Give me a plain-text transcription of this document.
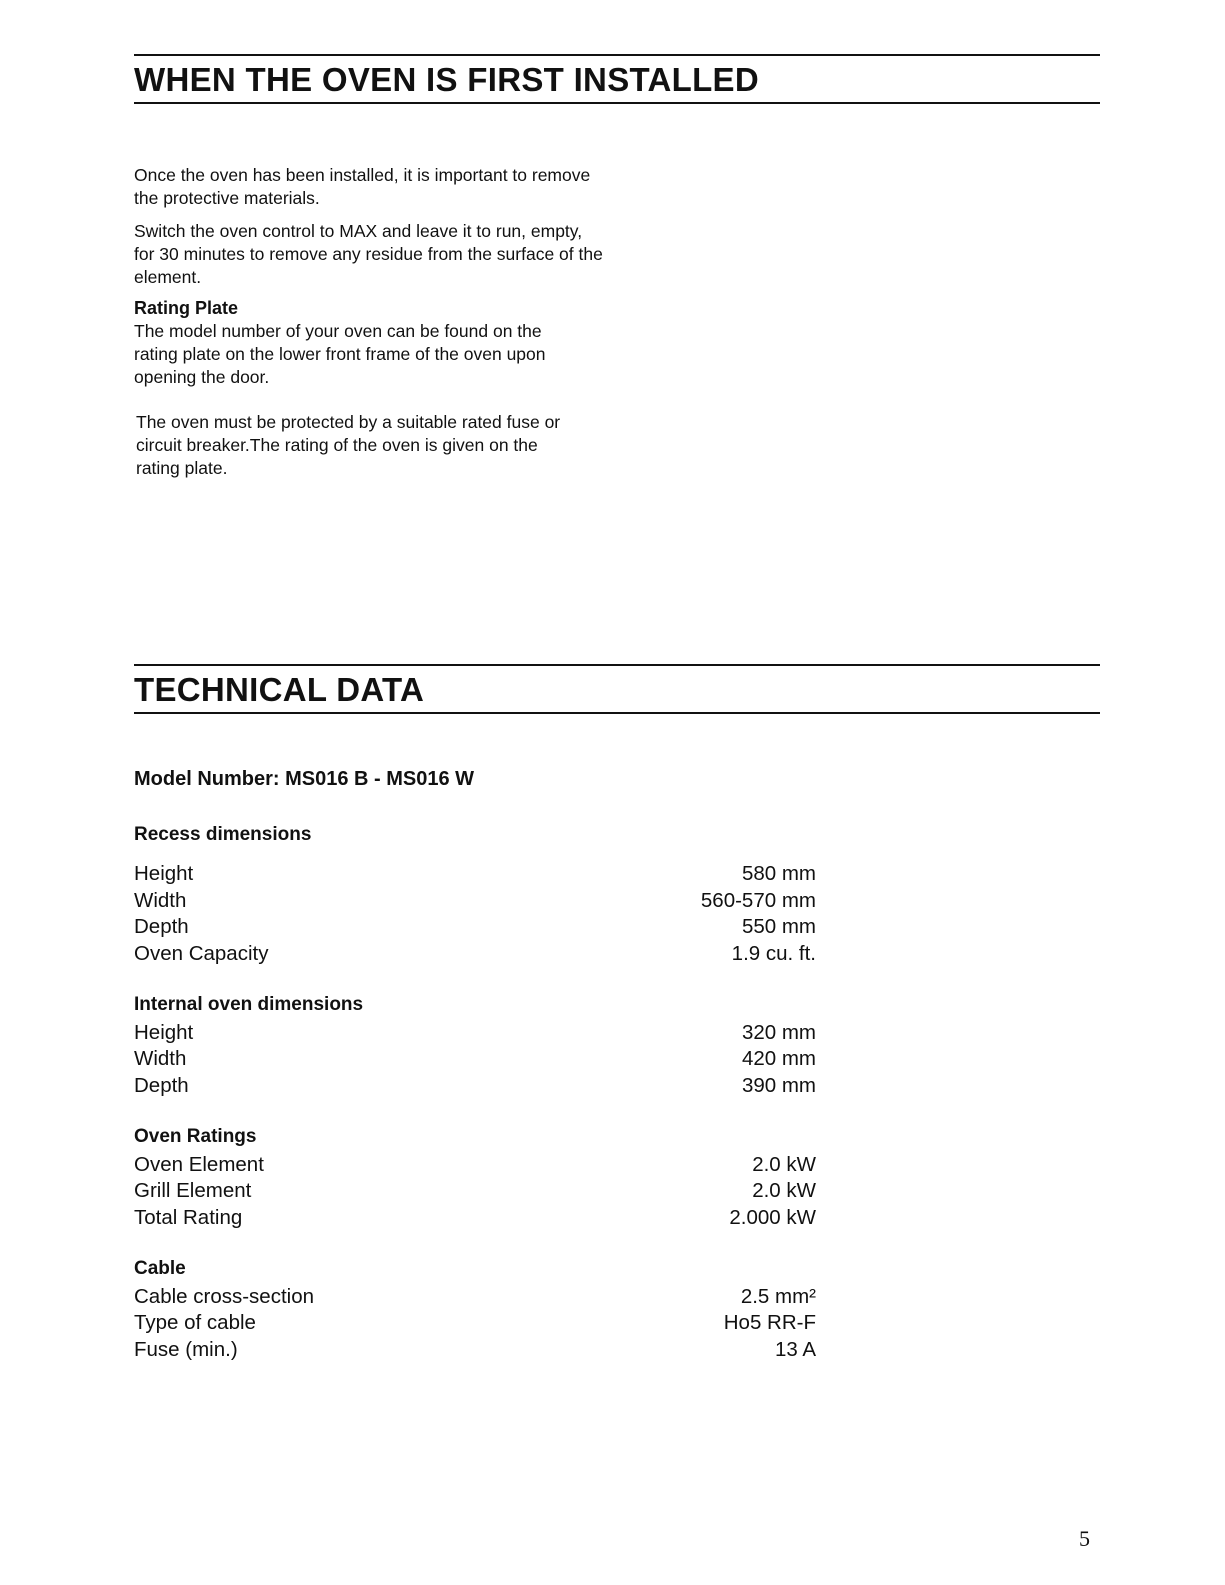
WHEN THE OVEN IS FIRST INSTALLED

Once the oven has been installed, it is important to remove the protective materials.

Switch the oven control to MAX and leave it to run, empty, for 30 minutes to remove any residue from the surface of the element.

Rating Plate

The model number of your oven can be found on the rating plate on the lower front frame of the oven upon opening the door.

The oven must be protected by a suitable rated fuse or circuit breaker.The rating of the oven is given on the rating plate.

TECHNICAL DATA
Model Number: MS016 B - MS016 W
Recess dimensions
Height	580 mm
Width	560-570 mm
Depth	550 mm
Oven Capacity	1.9 cu. ft.
Internal oven dimensions
Height	320 mm
Width	420 mm
Depth	390 mm
Oven Ratings
Oven Element	2.0 kW
Grill Element	2.0 kW
Total Rating	2.000 kW
Cable
Cable cross-section	2.5 mm²
Type of cable	Ho5 RR-F
Fuse (min.)	13 A

5
